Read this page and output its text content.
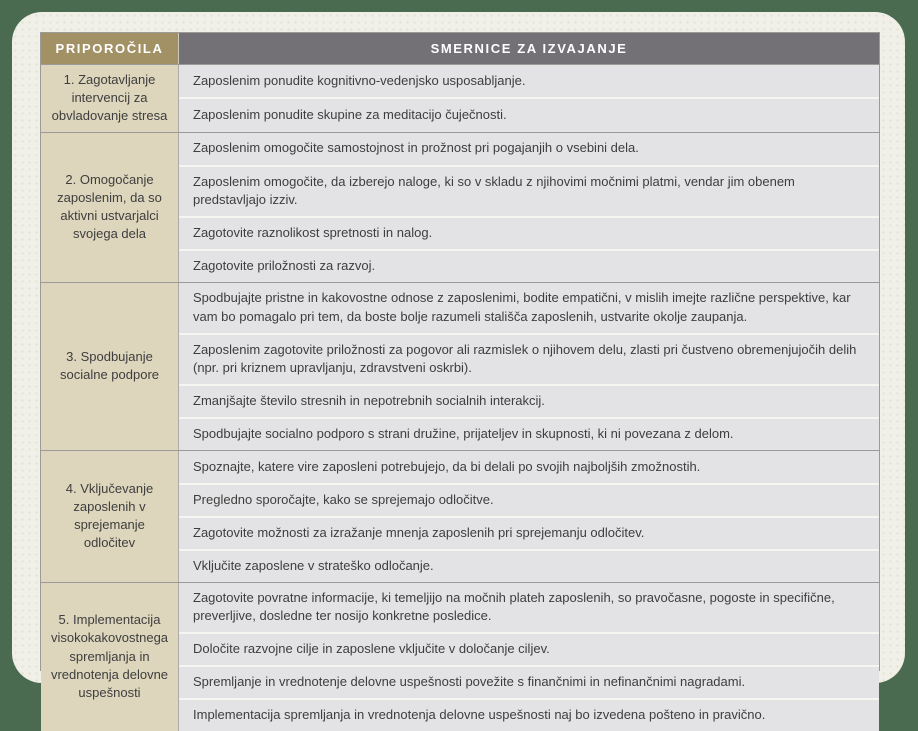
PRIPOROČILA	SMERNICE ZA IZVAJANJE
1. Zagotavljanje intervencij za obvladovanje stresa
Zaposlenim ponudite kognitivno-vedenjsko usposabljanje.
Zaposlenim ponudite skupine za meditacijo čuječnosti.
2. Omogočanje zaposlenim, da so aktivni ustvarjalci svojega dela
Zaposlenim omogočite samostojnost in prožnost pri pogajanjih o vsebini dela.
Zaposlenim omogočite, da izberejo naloge, ki so v skladu z njihovimi močnimi platmi, vendar jim obenem predstavljajo izziv.
Zagotovite raznolikost spretnosti in nalog.
Zagotovite priložnosti za razvoj.
3. Spodbujanje socialne podpore
Spodbujajte pristne in kakovostne odnose z zaposlenimi, bodite empatični, v mislih imejte različne perspektive, kar vam bo pomagalo pri tem, da boste bolje razumeli stališča zaposlenih, ustvarite okolje zaupanja.
Zaposlenim zagotovite priložnosti za pogovor ali razmislek o njihovem delu, zlasti pri čustveno obremenjujočih delih (npr. pri kriznem upravljanju, zdravstveni oskrbi).
Zmanjšajte število stresnih in nepotrebnih socialnih interakcij.
Spodbujajte socialno podporo s strani družine, prijateljev in skupnosti, ki ni povezana z delom.
4. Vključevanje zaposlenih v sprejemanje odločitev
Spoznajte, katere vire zaposleni potrebujejo, da bi delali po svojih najboljših zmožnostih.
Pregledno sporočajte, kako se sprejemajo odločitve.
Zagotovite možnosti za izražanje mnenja zaposlenih pri sprejemanju odločitev.
Vključite zaposlene v strateško odločanje.
5. Implementacija visokokakovostnega spremljanja in vrednotenja delovne uspešnosti
Zagotovite povratne informacije, ki temeljijo na močnih plateh zaposlenih, so pravočasne, pogoste in specifične, preverljive, dosledne ter nosijo konkretne posledice.
Določite razvojne cilje in zaposlene vključite v določanje ciljev.
Spremljanje in vrednotenje delovne uspešnosti povežite s finančnimi in nefinančnimi nagradami.
Implementacija spremljanja in vrednotenja delovne uspešnosti naj bo izvedena pošteno in pravično.
